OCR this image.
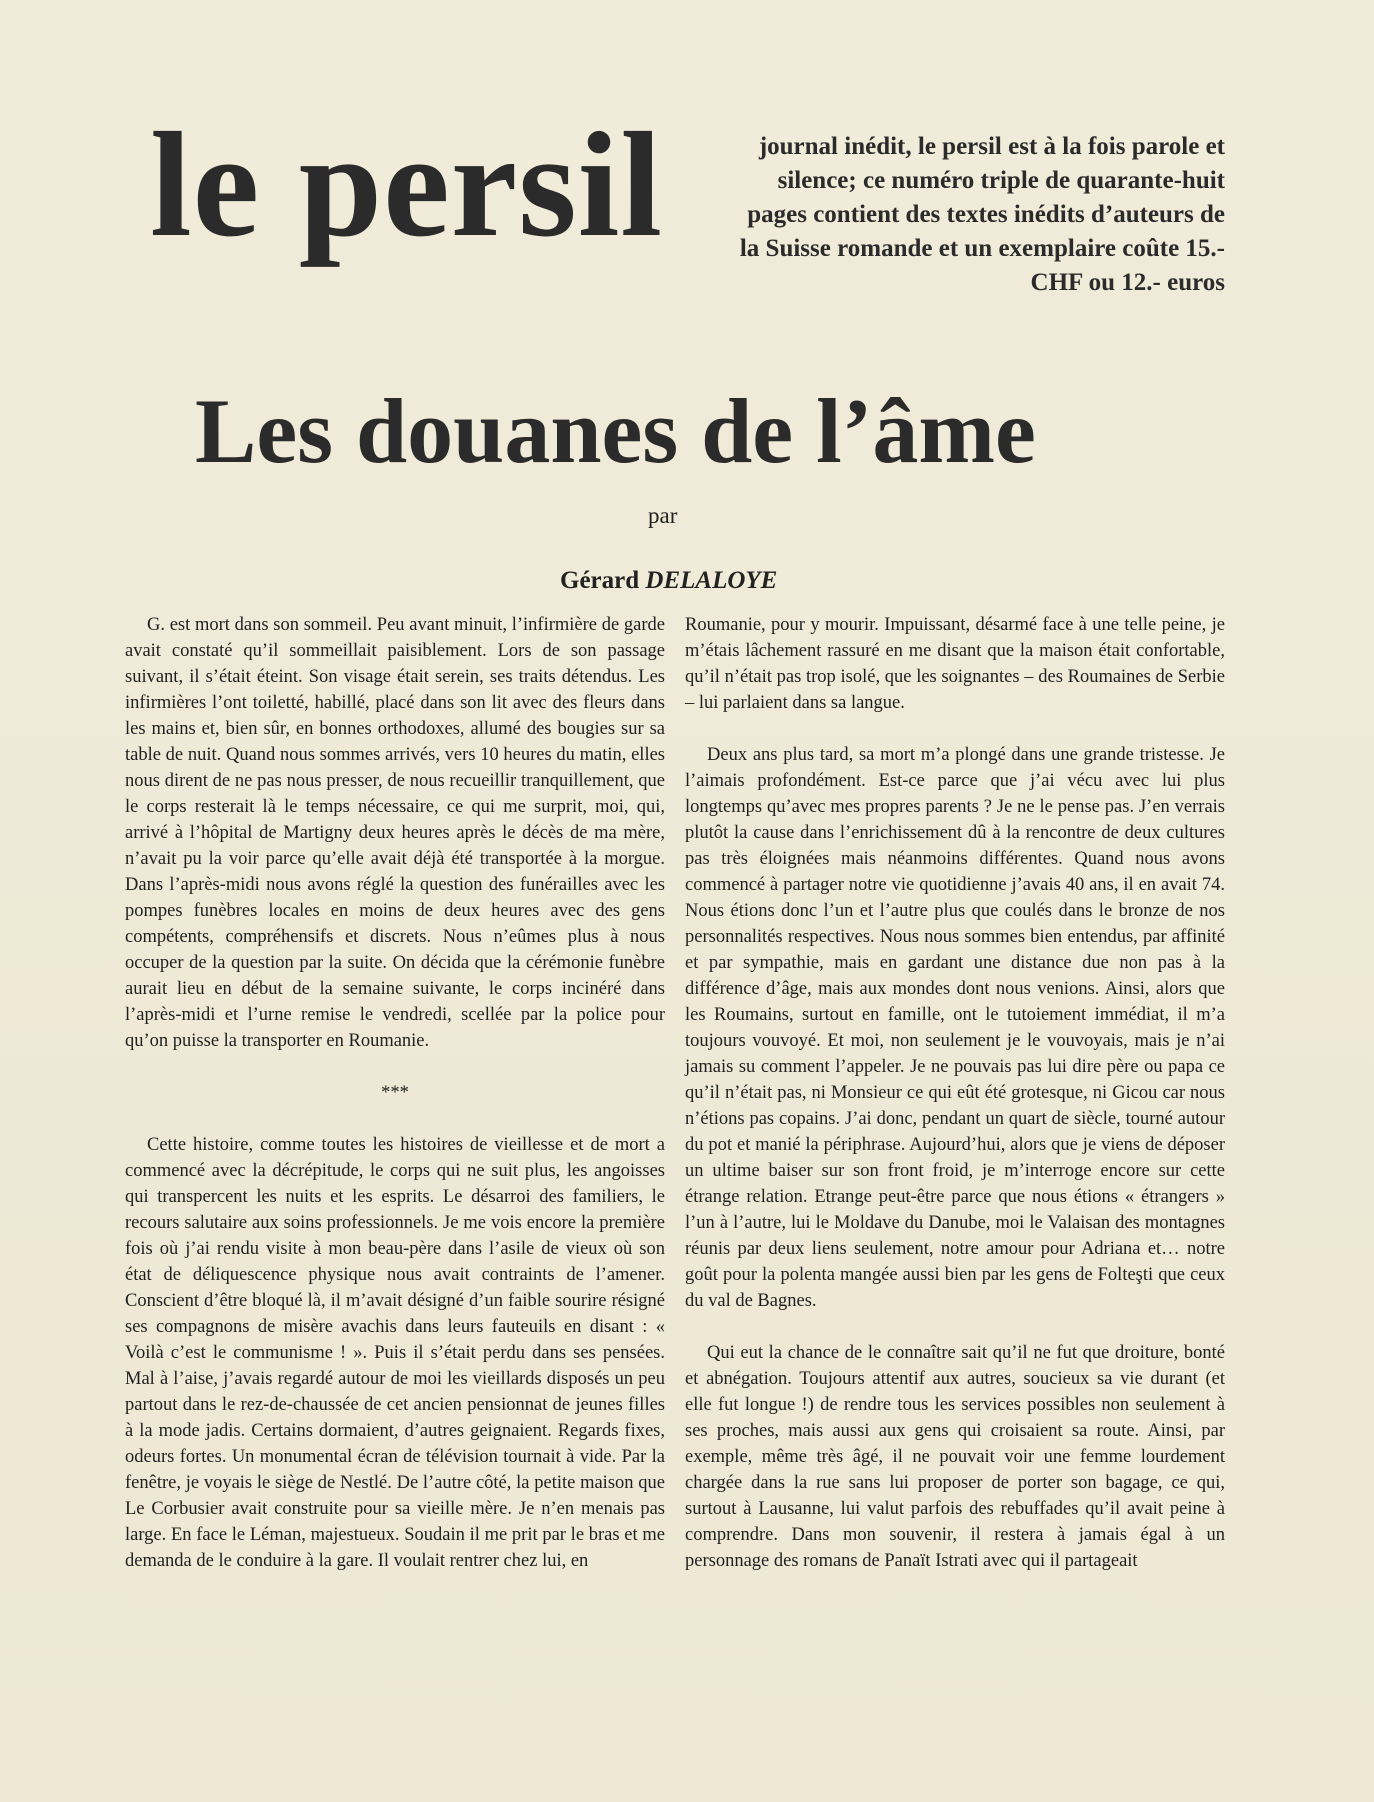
le persil	journal inédit, le persil est à la fois parole et silence; ce numéro triple de quarante-huit pages contient des textes inédits d’auteurs de la Suisse romande et un exemplaire coûte 15.- CHF ou 12.- euros
Les douanes de l’âme
par
Gérard DELALOYE

G. est mort dans son sommeil. Peu avant minuit, l’infirmière de garde avait constaté qu’il sommeillait paisiblement. Lors de son passage suivant, il s’était éteint. Son visage était serein, ses traits détendus. Les infirmières l’ont toiletté, habillé, placé dans son lit avec des fleurs dans les mains et, bien sûr, en bonnes orthodoxes, allumé des bougies sur sa table de nuit. Quand nous sommes arrivés, vers 10 heures du matin, elles nous dirent de ne pas nous presser, de nous recueillir tranquillement, que le corps resterait là le temps nécessaire, ce qui me surprit, moi, qui, arrivé à l’hôpital de Martigny deux heures après le décès de ma mère, n’avait pu la voir parce qu’elle avait déjà été transportée à la morgue. Dans l’après-midi nous avons réglé la question des funérailles avec les pompes funèbres locales en moins de deux heures avec des gens compétents, compréhensifs et discrets. Nous n’eûmes plus à nous occuper de la question par la suite. On décida que la cérémonie funèbre aurait lieu en début de la semaine suivante, le corps incinéré dans l’après-midi et l’urne remise le vendredi, scellée par la police pour qu’on puisse la transporter en Roumanie.

***

Cette histoire, comme toutes les histoires de vieillesse et de mort a commencé avec la décrépitude, le corps qui ne suit plus, les angoisses qui transpercent les nuits et les esprits. Le désarroi des familiers, le recours salutaire aux soins professionnels. Je me vois encore la première fois où j’ai rendu visite à mon beau-père dans l’asile de vieux où son état de déliquescence physique nous avait contraints de l’amener. Conscient d’être bloqué là, il m’avait désigné d’un faible sourire résigné ses compagnons de misère avachis dans leurs fauteuils en disant : « Voilà c’est le communisme ! ». Puis il s’était perdu dans ses pensées. Mal à l’aise, j’avais regardé autour de moi les vieillards disposés un peu partout dans le rez-de-chaussée de cet ancien pensionnat de jeunes filles à la mode jadis. Certains dormaient, d’autres geignaient. Regards fixes, odeurs fortes. Un monumental écran de télévision tournait à vide. Par la fenêtre, je voyais le siège de Nestlé. De l’autre côté, la petite maison que Le Corbusier avait construite pour sa vieille mère. Je n’en menais pas large. En face le Léman, majestueux. Soudain il me prit par le bras et me demanda de le conduire à la gare. Il voulait rentrer chez lui, en

Roumanie, pour y mourir. Impuissant, désarmé face à une telle peine, je m’étais lâchement rassuré en me disant que la maison était confortable, qu’il n’était pas trop isolé, que les soignantes – des Roumaines de Serbie – lui parlaient dans sa langue.

Deux ans plus tard, sa mort m’a plongé dans une grande tristesse. Je l’aimais profondément. Est-ce parce que j’ai vécu avec lui plus longtemps qu’avec mes propres parents ? Je ne le pense pas. J’en verrais plutôt la cause dans l’enrichissement dû à la rencontre de deux cultures pas très éloignées mais néanmoins différentes. Quand nous avons commencé à partager notre vie quotidienne j’avais 40 ans, il en avait 74. Nous étions donc l’un et l’autre plus que coulés dans le bronze de nos personnalités respectives. Nous nous sommes bien entendus, par affinité et par sympathie, mais en gardant une distance due non pas à la différence d’âge, mais aux mondes dont nous venions. Ainsi, alors que les Roumains, surtout en famille, ont le tutoiement immédiat, il m’a toujours vouvoyé. Et moi, non seulement je le vouvoyais, mais je n’ai jamais su comment l’appeler. Je ne pouvais pas lui dire père ou papa ce qu’il n’était pas, ni Monsieur ce qui eût été grotesque, ni Gicou car nous n’étions pas copains. J’ai donc, pendant un quart de siècle, tourné autour du pot et manié la périphrase. Aujourd’hui, alors que je viens de déposer un ultime baiser sur son front froid, je m’interroge encore sur cette étrange relation. Etrange peut-être parce que nous étions « étrangers » l’un à l’autre, lui le Moldave du Danube, moi le Valaisan des montagnes réunis par deux liens seulement, notre amour pour Adriana et… notre goût pour la polenta mangée aussi bien par les gens de Folteşti que ceux du val de Bagnes.

Qui eut la chance de le connaître sait qu’il ne fut que droiture, bonté et abnégation. Toujours attentif aux autres, soucieux sa vie durant (et elle fut longue !) de rendre tous les services possibles non seulement à ses proches, mais aussi aux gens qui croisaient sa route. Ainsi, par exemple, même très âgé, il ne pouvait voir une femme lourdement chargée dans la rue sans lui proposer de porter son bagage, ce qui, surtout à Lausanne, lui valut parfois des rebuffades qu’il avait peine à comprendre. Dans mon souvenir, il restera à jamais égal à un personnage des romans de Panaït Istrati avec qui il partageait
